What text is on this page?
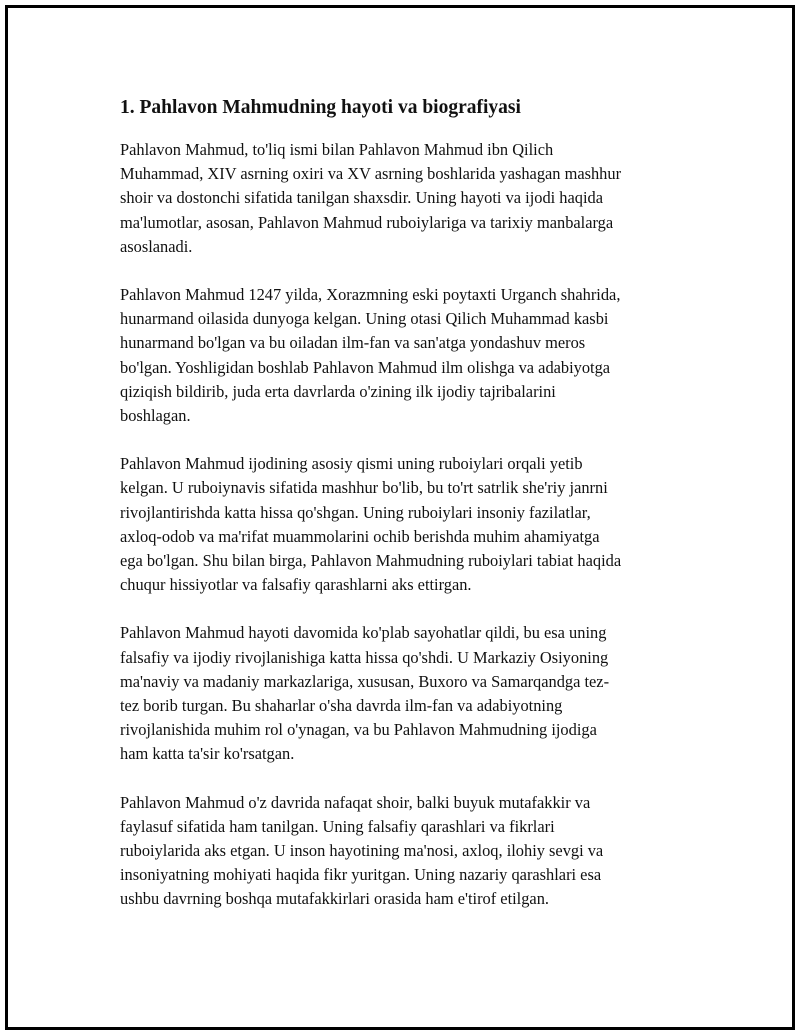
1. Pahlavon Mahmudning hayoti va biografiyasi

Pahlavon Mahmud, to'liq ismi bilan Pahlavon Mahmud ibn Qilich
Muhammad, XIV asrning oxiri va XV asrning boshlarida yashagan mashhur
shoir va dostonchi sifatida tanilgan shaxsdir. Uning hayoti va ijodi haqida
ma'lumotlar, asosan, Pahlavon Mahmud ruboiylariga va tarixiy manbalarga
asoslanadi.

Pahlavon Mahmud 1247 yilda, Xorazmning eski poytaxti Urganch shahrida,
hunarmand oilasida dunyoga kelgan. Uning otasi Qilich Muhammad kasbi
hunarmand bo'lgan va bu oiladan ilm-fan va san'atga yondashuv meros
bo'lgan. Yoshligidan boshlab Pahlavon Mahmud ilm olishga va adabiyotga
qiziqish bildirib, juda erta davrlarda o'zining ilk ijodiy tajribalarini
boshlagan.

Pahlavon Mahmud ijodining asosiy qismi uning ruboiylari orqali yetib
kelgan. U ruboiynavis sifatida mashhur bo'lib, bu to'rt satrlik she'riy janrni
rivojlantirishda katta hissa qo'shgan. Uning ruboiylari insoniy fazilatlar,
axloq-odob va ma'rifat muammolarini ochib berishda muhim ahamiyatga
ega bo'lgan. Shu bilan birga, Pahlavon Mahmudning ruboiylari tabiat haqida
chuqur hissiyotlar va falsafiy qarashlarni aks ettirgan.

Pahlavon Mahmud hayoti davomida ko'plab sayohatlar qildi, bu esa uning
falsafiy va ijodiy rivojlanishiga katta hissa qo'shdi. U Markaziy Osiyoning
ma'naviy va madaniy markazlariga, xususan, Buxoro va Samarqandga tez-
tez borib turgan. Bu shaharlar o'sha davrda ilm-fan va adabiyotning
rivojlanishida muhim rol o'ynagan, va bu Pahlavon Mahmudning ijodiga
ham katta ta'sir ko'rsatgan.

Pahlavon Mahmud o'z davrida nafaqat shoir, balki buyuk mutafakkir va
faylasuf sifatida ham tanilgan. Uning falsafiy qarashlari va fikrlari
ruboiylarida aks etgan. U inson hayotining ma'nosi, axloq, ilohiy sevgi va
insoniyatning mohiyati haqida fikr yuritgan. Uning nazariy qarashlari esa
ushbu davrning boshqa mutafakkirlari orasida ham e'tirof etilgan.
